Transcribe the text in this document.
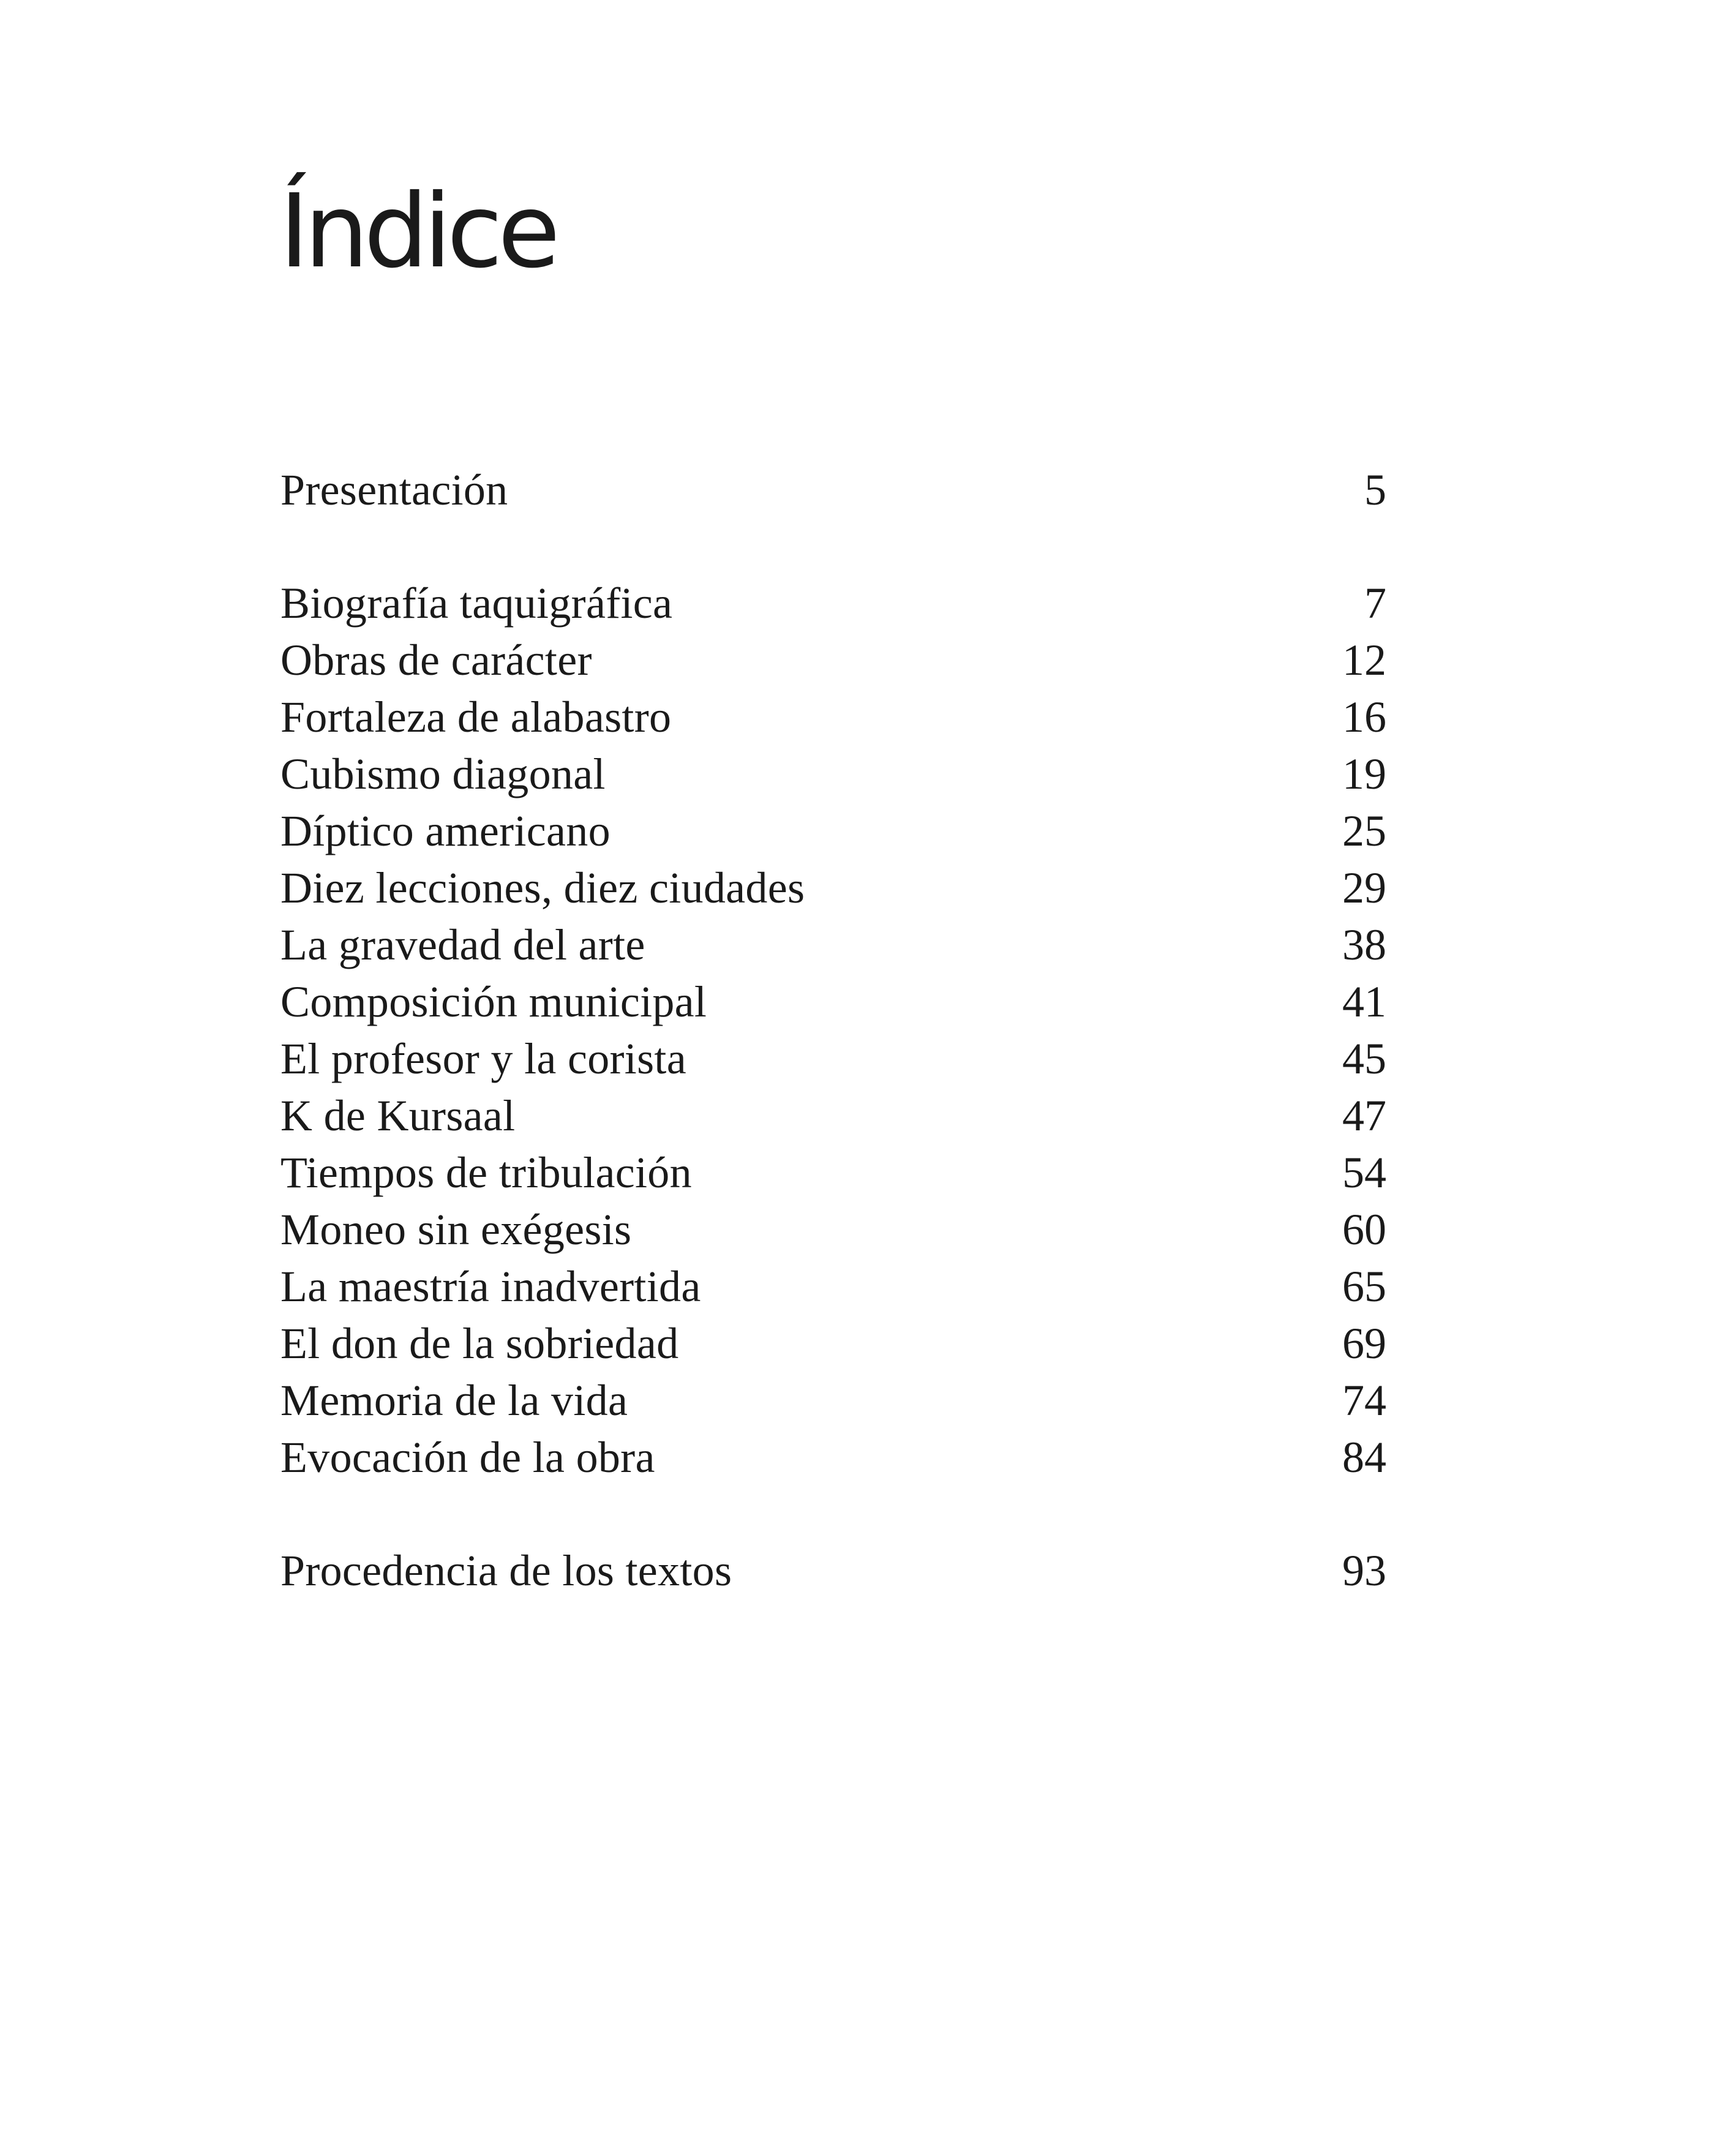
Índice
Presentación	5
Biografía taquigráfica	7
Obras de carácter	12
Fortaleza de alabastro	16
Cubismo diagonal	19
Díptico americano	25
Diez lecciones, diez ciudades	29
La gravedad del arte	38
Composición municipal	41
El profesor y la corista	45
K de Kursaal	47
Tiempos de tribulación	54
Moneo sin exégesis	60
La maestría inadvertida	65
El don de la sobriedad	69
Memoria de la vida	74
Evocación de la obra	84
Procedencia de los textos	93
